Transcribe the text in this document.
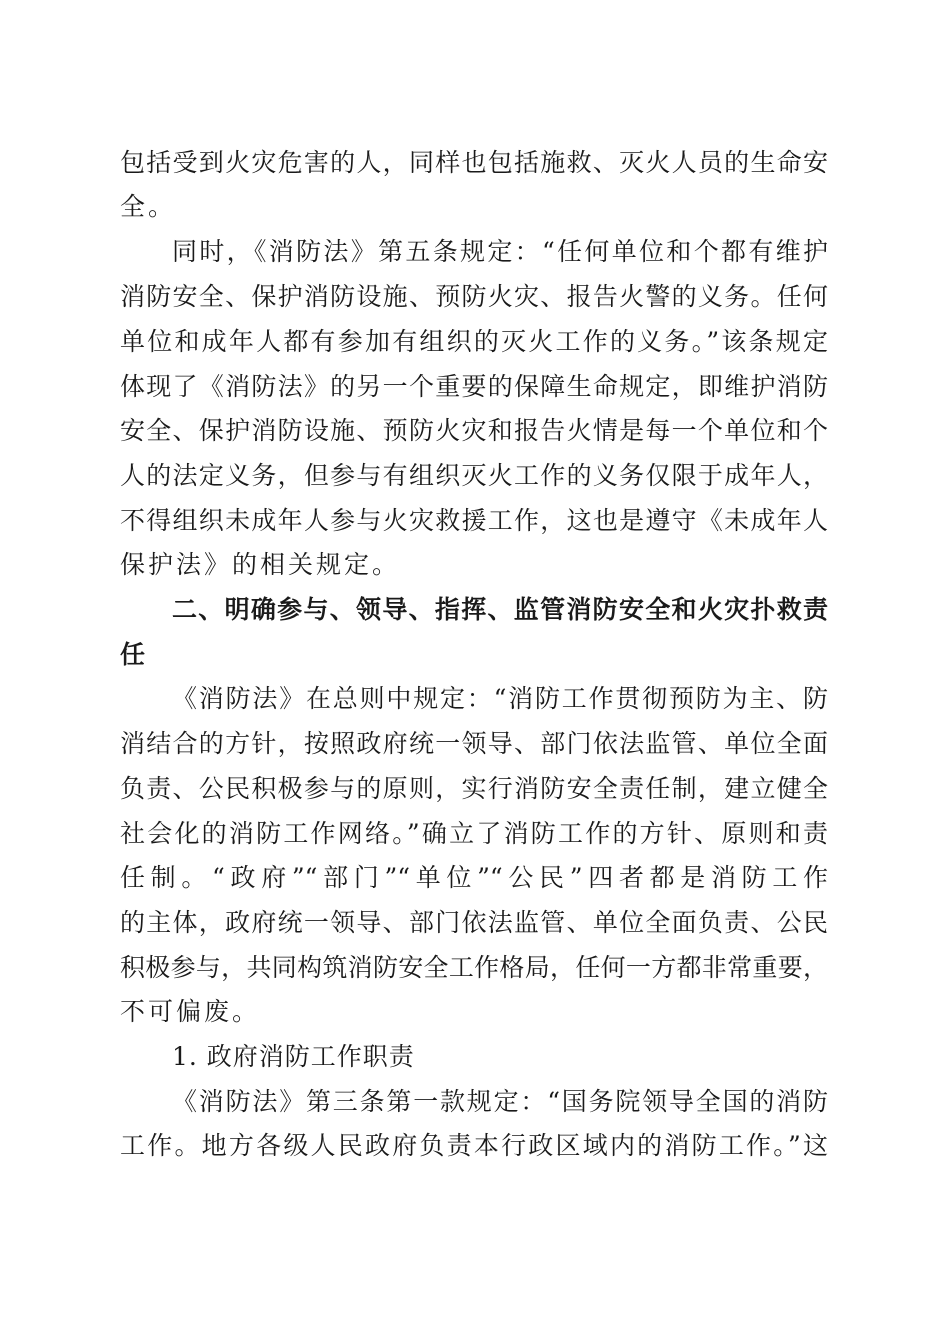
包括受到火灾危害的人，同样也包括施救、灭火人员的生命安
全。
同时，《消防法》第五条规定：“任何单位和个都有维护
消防安全、保护消防设施、预防火灾、报告火警的义务。任何
单位和成年人都有参加有组织的灭火工作的义务。”该条规定
体现了《消防法》的另一个重要的保障生命规定，即维护消防
安全、保护消防设施、预防火灾和报告火情是每一个单位和个
人的法定义务，但参与有组织灭火工作的义务仅限于成年人，
不得组织未成年人参与火灾救援工作，这也是遵守《未成年人
保护法》的相关规定。
二、明确参与、领导、指挥、监管消防安全和火灾扑救责
任
《消防法》在总则中规定：“消防工作贯彻预防为主、防
消结合的方针，按照政府统一领导、部门依法监管、单位全面
负责、公民积极参与的原则，实行消防安全责任制，建立健全
社会化的消防工作网络。”确立了消防工作的方针、原则和责
任制。“政府”“部门”“单位”“公民”四者都是消防工作
的主体，政府统一领导、部门依法监管、单位全面负责、公民
积极参与，共同构筑消防安全工作格局，任何一方都非常重要，
不可偏废。
1. 政府消防工作职责
《消防法》第三条第一款规定：“国务院领导全国的消防
工作。地方各级人民政府负责本行政区域内的消防工作。”这
